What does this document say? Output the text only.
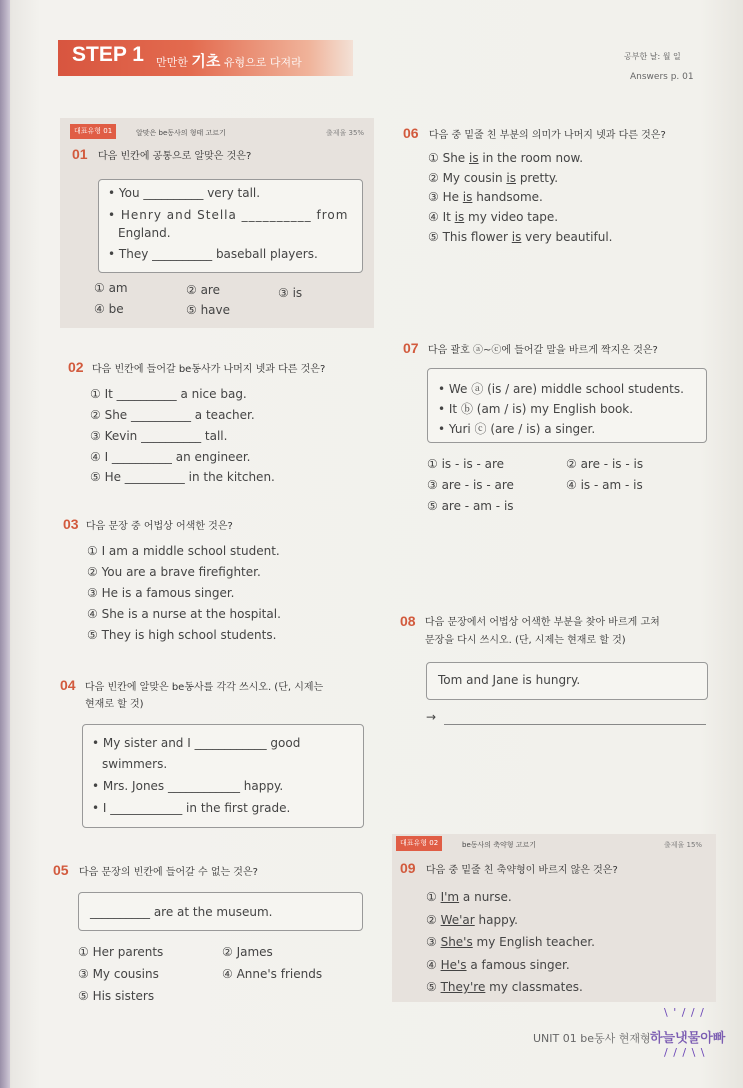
STEP 1 만만한 기초 유형으로 다져라	공부한 날: 월 일
Answers p. 01
대표유형 01	알맞은 be동사의 형태 고르기	출제율 35%
01 다음 빈칸에 공통으로 알맞은 것은?
• You __________ very tall.
• Henry and Stella __________ from
England.
• They __________ baseball players.
① am	② are	③ is
④ be	⑤ have
02 다음 빈칸에 들어갈 be동사가 나머지 넷과 다른 것은?
① It __________ a nice bag.
② She __________ a teacher.
③ Kevin __________ tall.
④ I __________ an engineer.
⑤ He __________ in the kitchen.
03 다음 문장 중 어법상 어색한 것은?
① I am a middle school student.
② You are a brave firefighter.
③ He is a famous singer.
④ She is a nurse at the hospital.
⑤ They is high school students.
04 다음 빈칸에 알맞은 be동사를 각각 쓰시오. (단, 시제는
현재로 할 것)
• My sister and I ____________ good
swimmers.
• Mrs. Jones ____________ happy.
• I ____________ in the first grade.
05 다음 문장의 빈칸에 들어갈 수 없는 것은?
__________ are at the museum.
① Her parents	② James
③ My cousins	④ Anne's friends
⑤ His sisters
06 다음 중 밑줄 친 부분의 의미가 나머지 넷과 다른 것은?
① She is in the room now.
② My cousin is pretty.
③ He is handsome.
④ It is my video tape.
⑤ This flower is very beautiful.
07 다음 괄호 ⓐ~ⓒ에 들어갈 말을 바르게 짝지은 것은?
• We ⓐ (is / are) middle school students.
• It ⓑ (am / is) my English book.
• Yuri ⓒ (are / is) a singer.
① is - is - are	② are - is - is
③ are - is - are	④ is - am - is
⑤ are - am - is
08 다음 문장에서 어법상 어색한 부분을 찾아 바르게 고쳐
문장을 다시 쓰시오. (단, 시제는 현재로 할 것)
Tom and Jane is hungry.
→
대표유형 02	be동사의 축약형 고르기	출제율 15%
09 다음 중 밑줄 친 축약형이 바르지 않은 것은?
① I'm a nurse.
② We'ar happy.
③ She's my English teacher.
④ He's a famous singer.
⑤ They're my classmates.
UNIT 01 be동사 현재형
\ ' / / /
하늘냇물아빠
/ / / \ \
